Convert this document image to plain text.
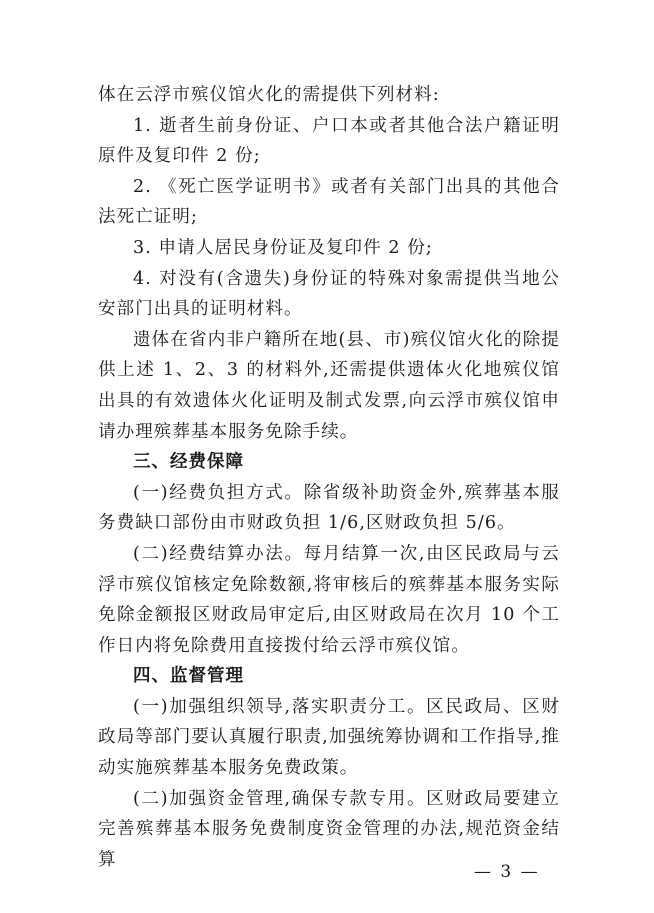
体在云浮市殡仪馆火化的需提供下列材料:

1. 逝者生前身份证、户口本或者其他合法户籍证明原件及复印件 2 份;

2. 《死亡医学证明书》或者有关部门出具的其他合法死亡证明;

3. 申请人居民身份证及复印件 2 份;

4. 对没有(含遗失)身份证的特殊对象需提供当地公安部门出具的证明材料。

遗体在省内非户籍所在地(县、市)殡仪馆火化的除提供上述 1、2、3 的材料外,还需提供遗体火化地殡仪馆出具的有效遗体火化证明及制式发票,向云浮市殡仪馆申请办理殡葬基本服务免除手续。

三、经费保障

(一)经费负担方式。除省级补助资金外,殡葬基本服务费缺口部份由市财政负担 1/6,区财政负担 5/6。

(二)经费结算办法。每月结算一次,由区民政局与云浮市殡仪馆核定免除数额,将审核后的殡葬基本服务实际免除金额报区财政局审定后,由区财政局在次月 10 个工作日内将免除费用直接拨付给云浮市殡仪馆。

四、监督管理

(一)加强组织领导,落实职责分工。区民政局、区财政局等部门要认真履行职责,加强统筹协调和工作指导,推动实施殡葬基本服务免费政策。

(二)加强资金管理,确保专款专用。区财政局要建立完善殡葬基本服务免费制度资金管理的办法,规范资金结算

— 3 —
